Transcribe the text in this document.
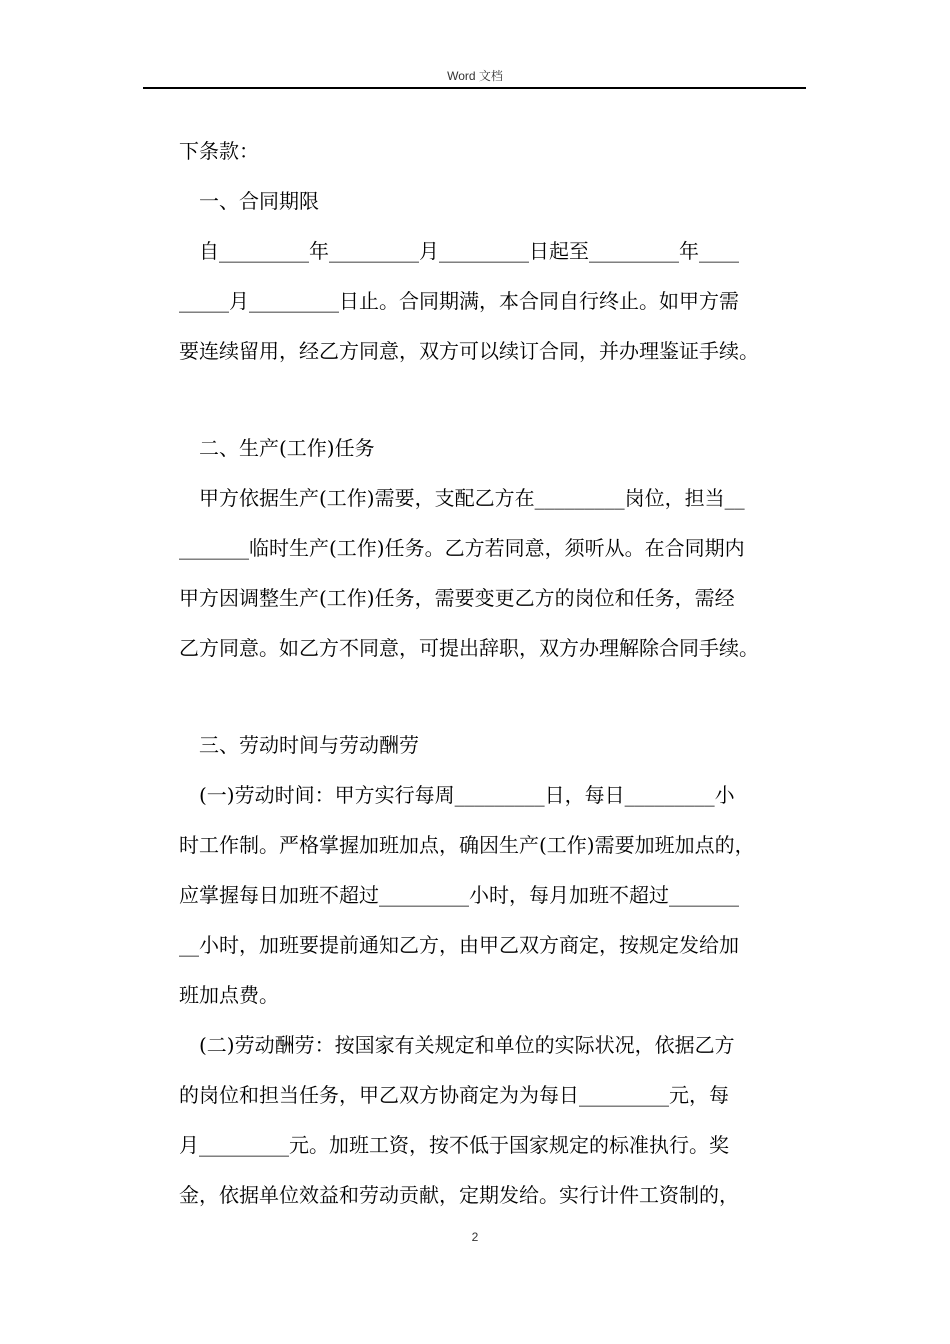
Word 文档
下条款：
一、合同期限
自_________年_________月_________日起至_________年____
_____月_________日止。合同期满，本合同自行终止。如甲方需
要连续留用，经乙方同意，双方可以续订合同，并办理鉴证手续。
二、生产(工作)任务
甲方依据生产(工作)需要，支配乙方在_________岗位，担当__
_______临时生产(工作)任务。乙方若同意，须听从。在合同期内
甲方因调整生产(工作)任务，需要变更乙方的岗位和任务，需经
乙方同意。如乙方不同意，可提出辞职，双方办理解除合同手续。
三、劳动时间与劳动酬劳
(一)劳动时间：甲方实行每周_________日，每日_________小
时工作制。严格掌握加班加点，确因生产(工作)需要加班加点的，
应掌握每日加班不超过_________小时，每月加班不超过_______
__小时，加班要提前通知乙方，由甲乙双方商定，按规定发给加
班加点费。
(二)劳动酬劳：按国家有关规定和单位的实际状况，依据乙方
的岗位和担当任务，甲乙双方协商定为为每日_________元，每
月_________元。加班工资，按不低于国家规定的标准执行。奖
金，依据单位效益和劳动贡献，定期发给。实行计件工资制的，
2
